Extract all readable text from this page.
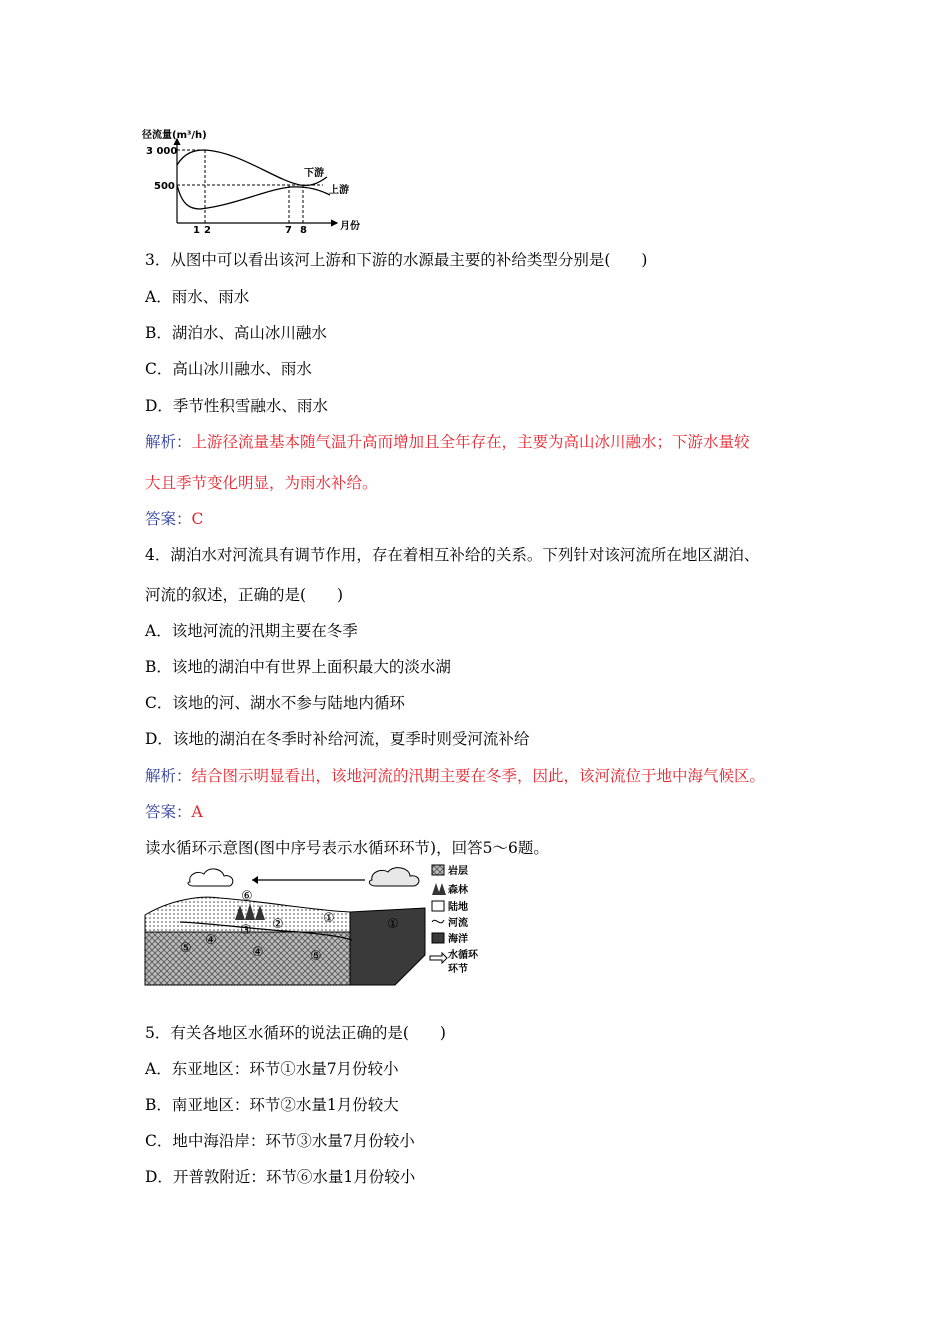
径流量(m³/h)
3 000
500
下游
上游
1 2	7 8	月份
3．从图中可以看出该河上游和下游的水源最主要的补给类型分别是(　　)
A．雨水、雨水
B．湖泊水、高山冰川融水
C．高山冰川融水、雨水
D．季节性积雪融水、雨水
解析：上游径流量基本随气温升高而增加且全年存在，主要为高山冰川融水；下游水量较
大且季节变化明显，为雨水补给。
答案：C
4．湖泊水对河流具有调节作用，存在着相互补给的关系。下列针对该河流所在地区湖泊、
河流的叙述，正确的是(　　)
A．该地河流的汛期主要在冬季
B．该地的湖泊中有世界上面积最大的淡水湖
C．该地的河、湖水不参与陆地内循环
D．该地的湖泊在冬季时补给河流，夏季时则受河流补给
解析：结合图示明显看出，该地河流的汛期主要在冬季，因此，该河流位于地中海气候区。
答案：A
读水循环示意图(图中序号表示水循环环节)，回答5～6题。
⑥
②	①	①
③
④
④
⑤
⑤
岩层
森林
陆地
河流
海洋
水循环
环节
5．有关各地区水循环的说法正确的是(　　)
A．东亚地区：环节①水量7月份较小
B．南亚地区：环节②水量1月份较大
C．地中海沿岸：环节③水量7月份较小
D．开普敦附近：环节⑥水量1月份较小
